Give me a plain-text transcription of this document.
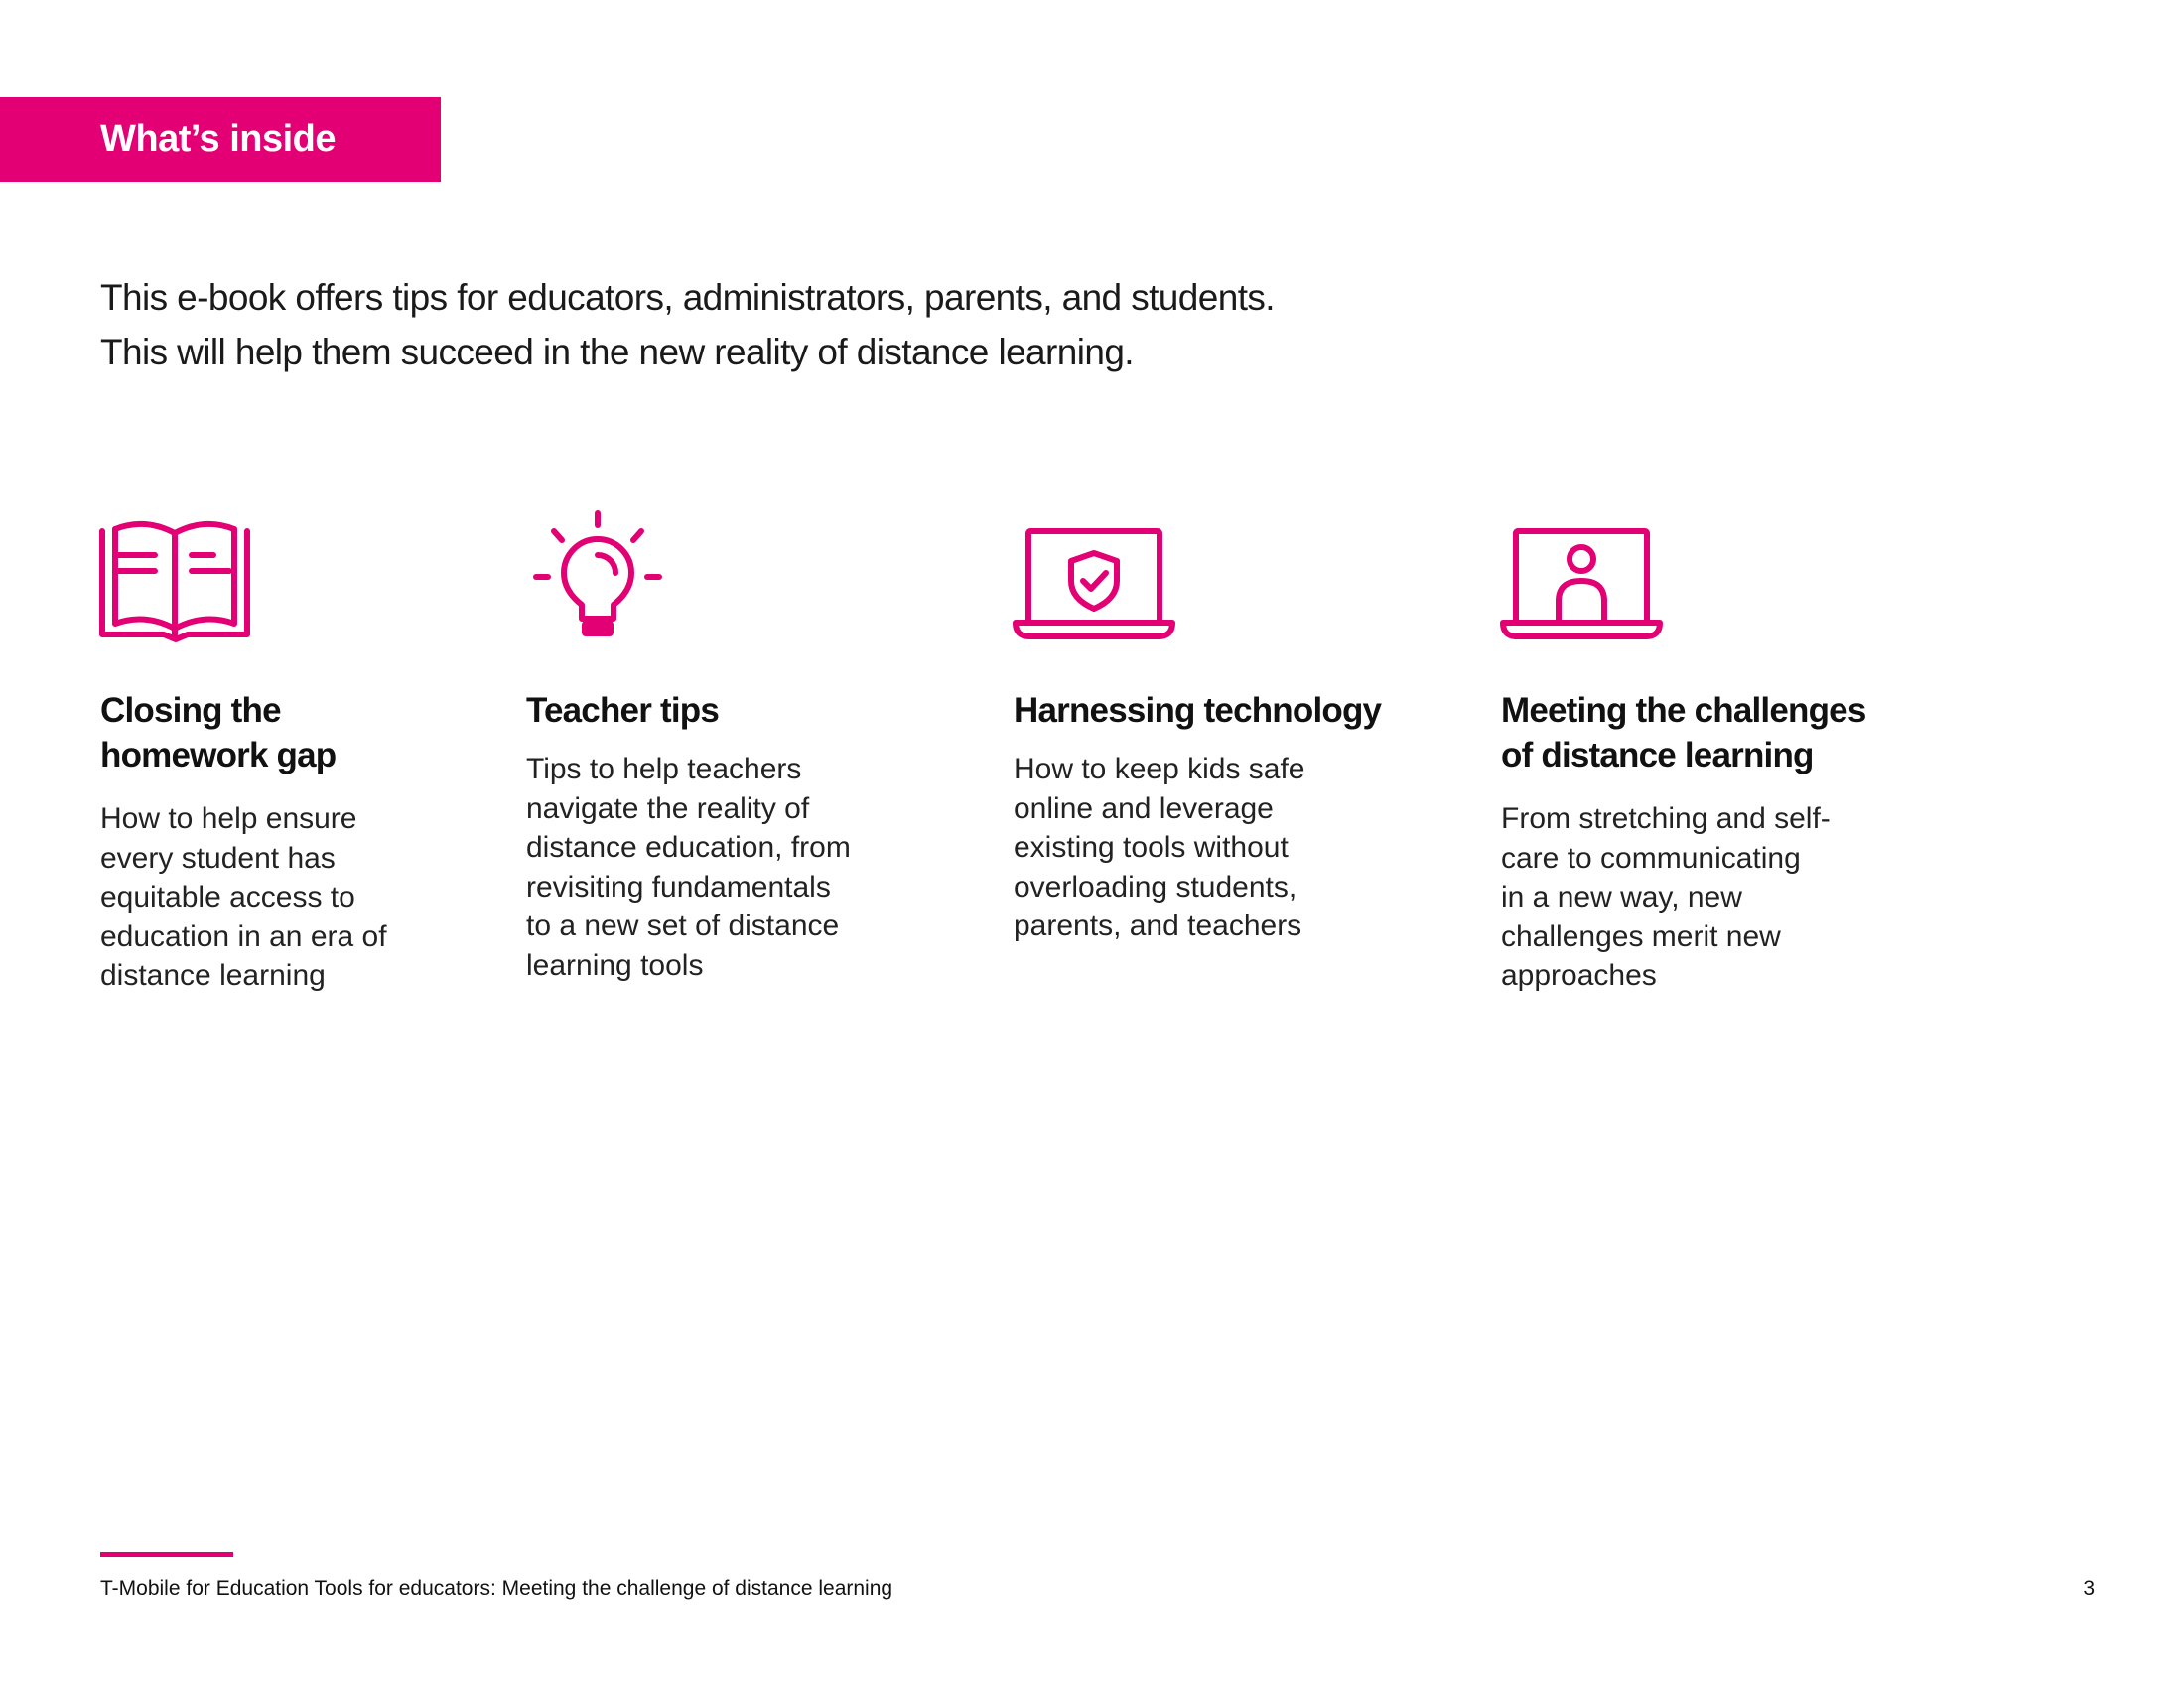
What’s inside
This e-book offers tips for educators, administrators, parents, and students.
This will help them succeed in the new reality of distance learning.
Closing the
homework gap
How to help ensure
every student has
equitable access to
education in an era of
distance learning
Teacher tips
Tips to help teachers
navigate the reality of
distance education, from
revisiting fundamentals
to a new set of distance
learning tools
Harnessing technology
How to keep kids safe
online and leverage
existing tools without
overloading students,
parents, and teachers
Meeting the challenges
of distance learning
From stretching and self-
care to communicating
in a new way, new
challenges merit new
approaches
T-Mobile for Education Tools for educators: Meeting the challenge of distance learning	3
